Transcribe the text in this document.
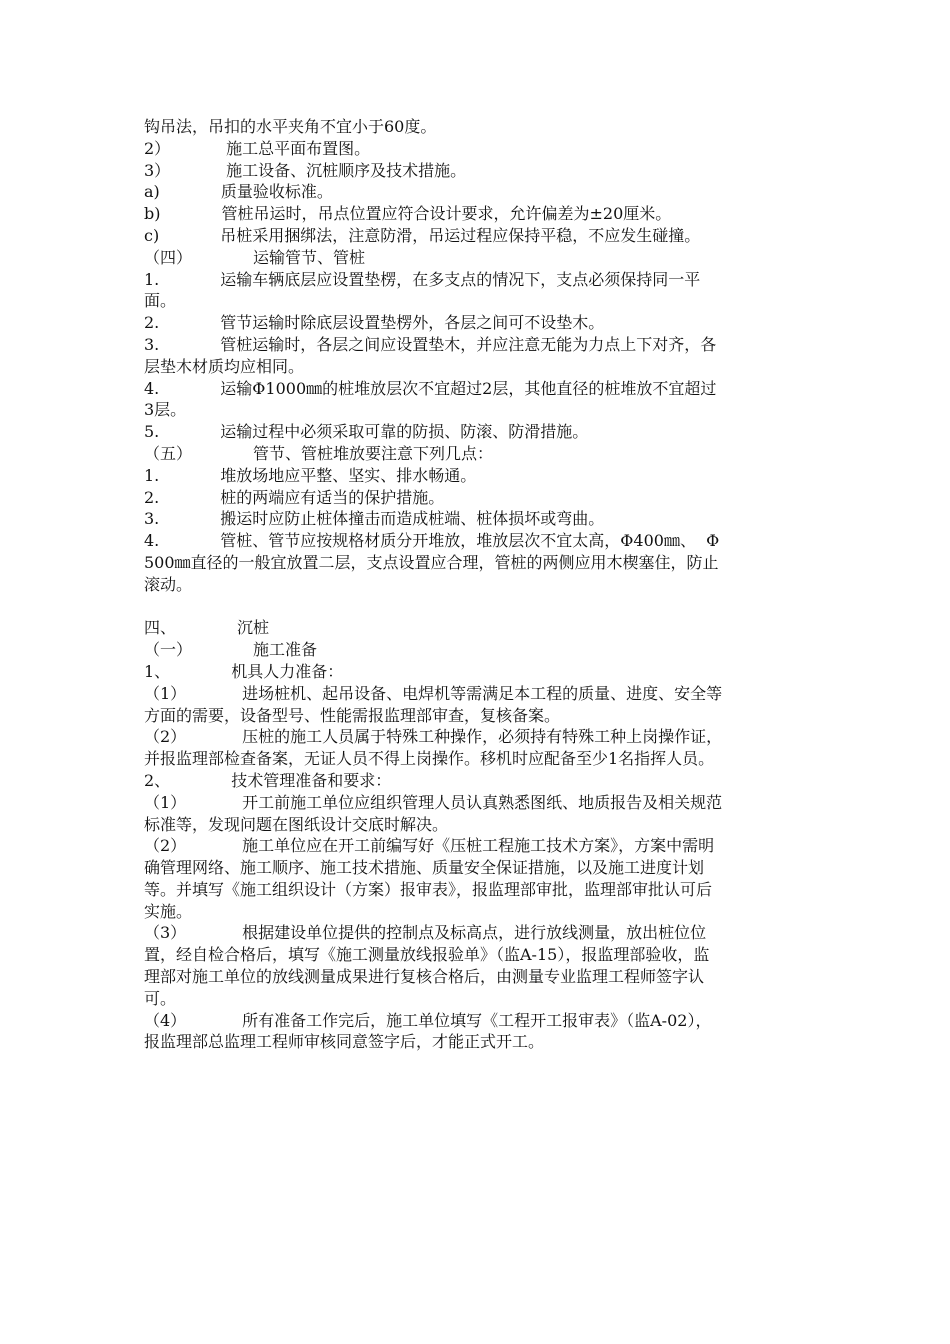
钩吊法，吊扣的水平夹角不宜小于60度。

2）           施工总平面布置图。

3）           施工设备、沉桩顺序及技术措施。

a)            质量验收标准。

b)            管桩吊运时，吊点位置应符合设计要求，允许偏差为±20厘米。

c)            吊桩采用捆绑法，注意防滑，吊运过程应保持平稳，不应发生碰撞。

（四）            运输管节、管桩

1.            运输车辆底层应设置垫楞，在多支点的情况下，支点必须保持同一平面。

2.            管节运输时除底层设置垫楞外，各层之间可不设垫木。

3.            管桩运输时，各层之间应设置垫木，并应注意无能为力点上下对齐，各层垫木材质均应相同。

4.            运输Φ1000㎜的桩堆放层次不宜超过2层，其他直径的桩堆放不宜超过3层。

5.            运输过程中必须采取可靠的防损、防滚、防滑措施。

（五）            管节、管桩堆放要注意下列几点：

1.            堆放场地应平整、坚实、排水畅通。

2.            桩的两端应有适当的保护措施。

3.            搬运时应防止桩体撞击而造成桩端、桩体损坏或弯曲。

4.            管桩、管节应按规格材质分开堆放，堆放层次不宜太高，Φ400㎜、  Φ500㎜直径的一般宜放置二层，支点设置应合理，管桩的两侧应用木楔塞住，防止滚动。

四、            沉桩

（一）            施工准备

1、            机具人力准备：

（1）           进场桩机、起吊设备、电焊机等需满足本工程的质量、进度、安全等方面的需要，设备型号、性能需报监理部审查，复核备案。

（2）           压桩的施工人员属于特殊工种操作，必须持有特殊工种上岗操作证，并报监理部检查备案，无证人员不得上岗操作。移机时应配备至少1名指挥人员。

2、            技术管理准备和要求：

（1）           开工前施工单位应组织管理人员认真熟悉图纸、地质报告及相关规范标准等，发现问题在图纸设计交底时解决。

（2）           施工单位应在开工前编写好《压桩工程施工技术方案》，方案中需明确管理网络、施工顺序、施工技术措施、质量安全保证措施，以及施工进度计划等。并填写《施工组织设计（方案）报审表》，报监理部审批，监理部审批认可后实施。

（3）           根据建设单位提供的控制点及标高点，进行放线测量，放出桩位位置，经自检合格后，填写《施工测量放线报验单》（监A-15），报监理部验收，监理部对施工单位的放线测量成果进行复核合格后，由测量专业监理工程师签字认可。

（4）           所有准备工作完后，施工单位填写《工程开工报审表》（监A-02），报监理部总监理工程师审核同意签字后，才能正式开工。
